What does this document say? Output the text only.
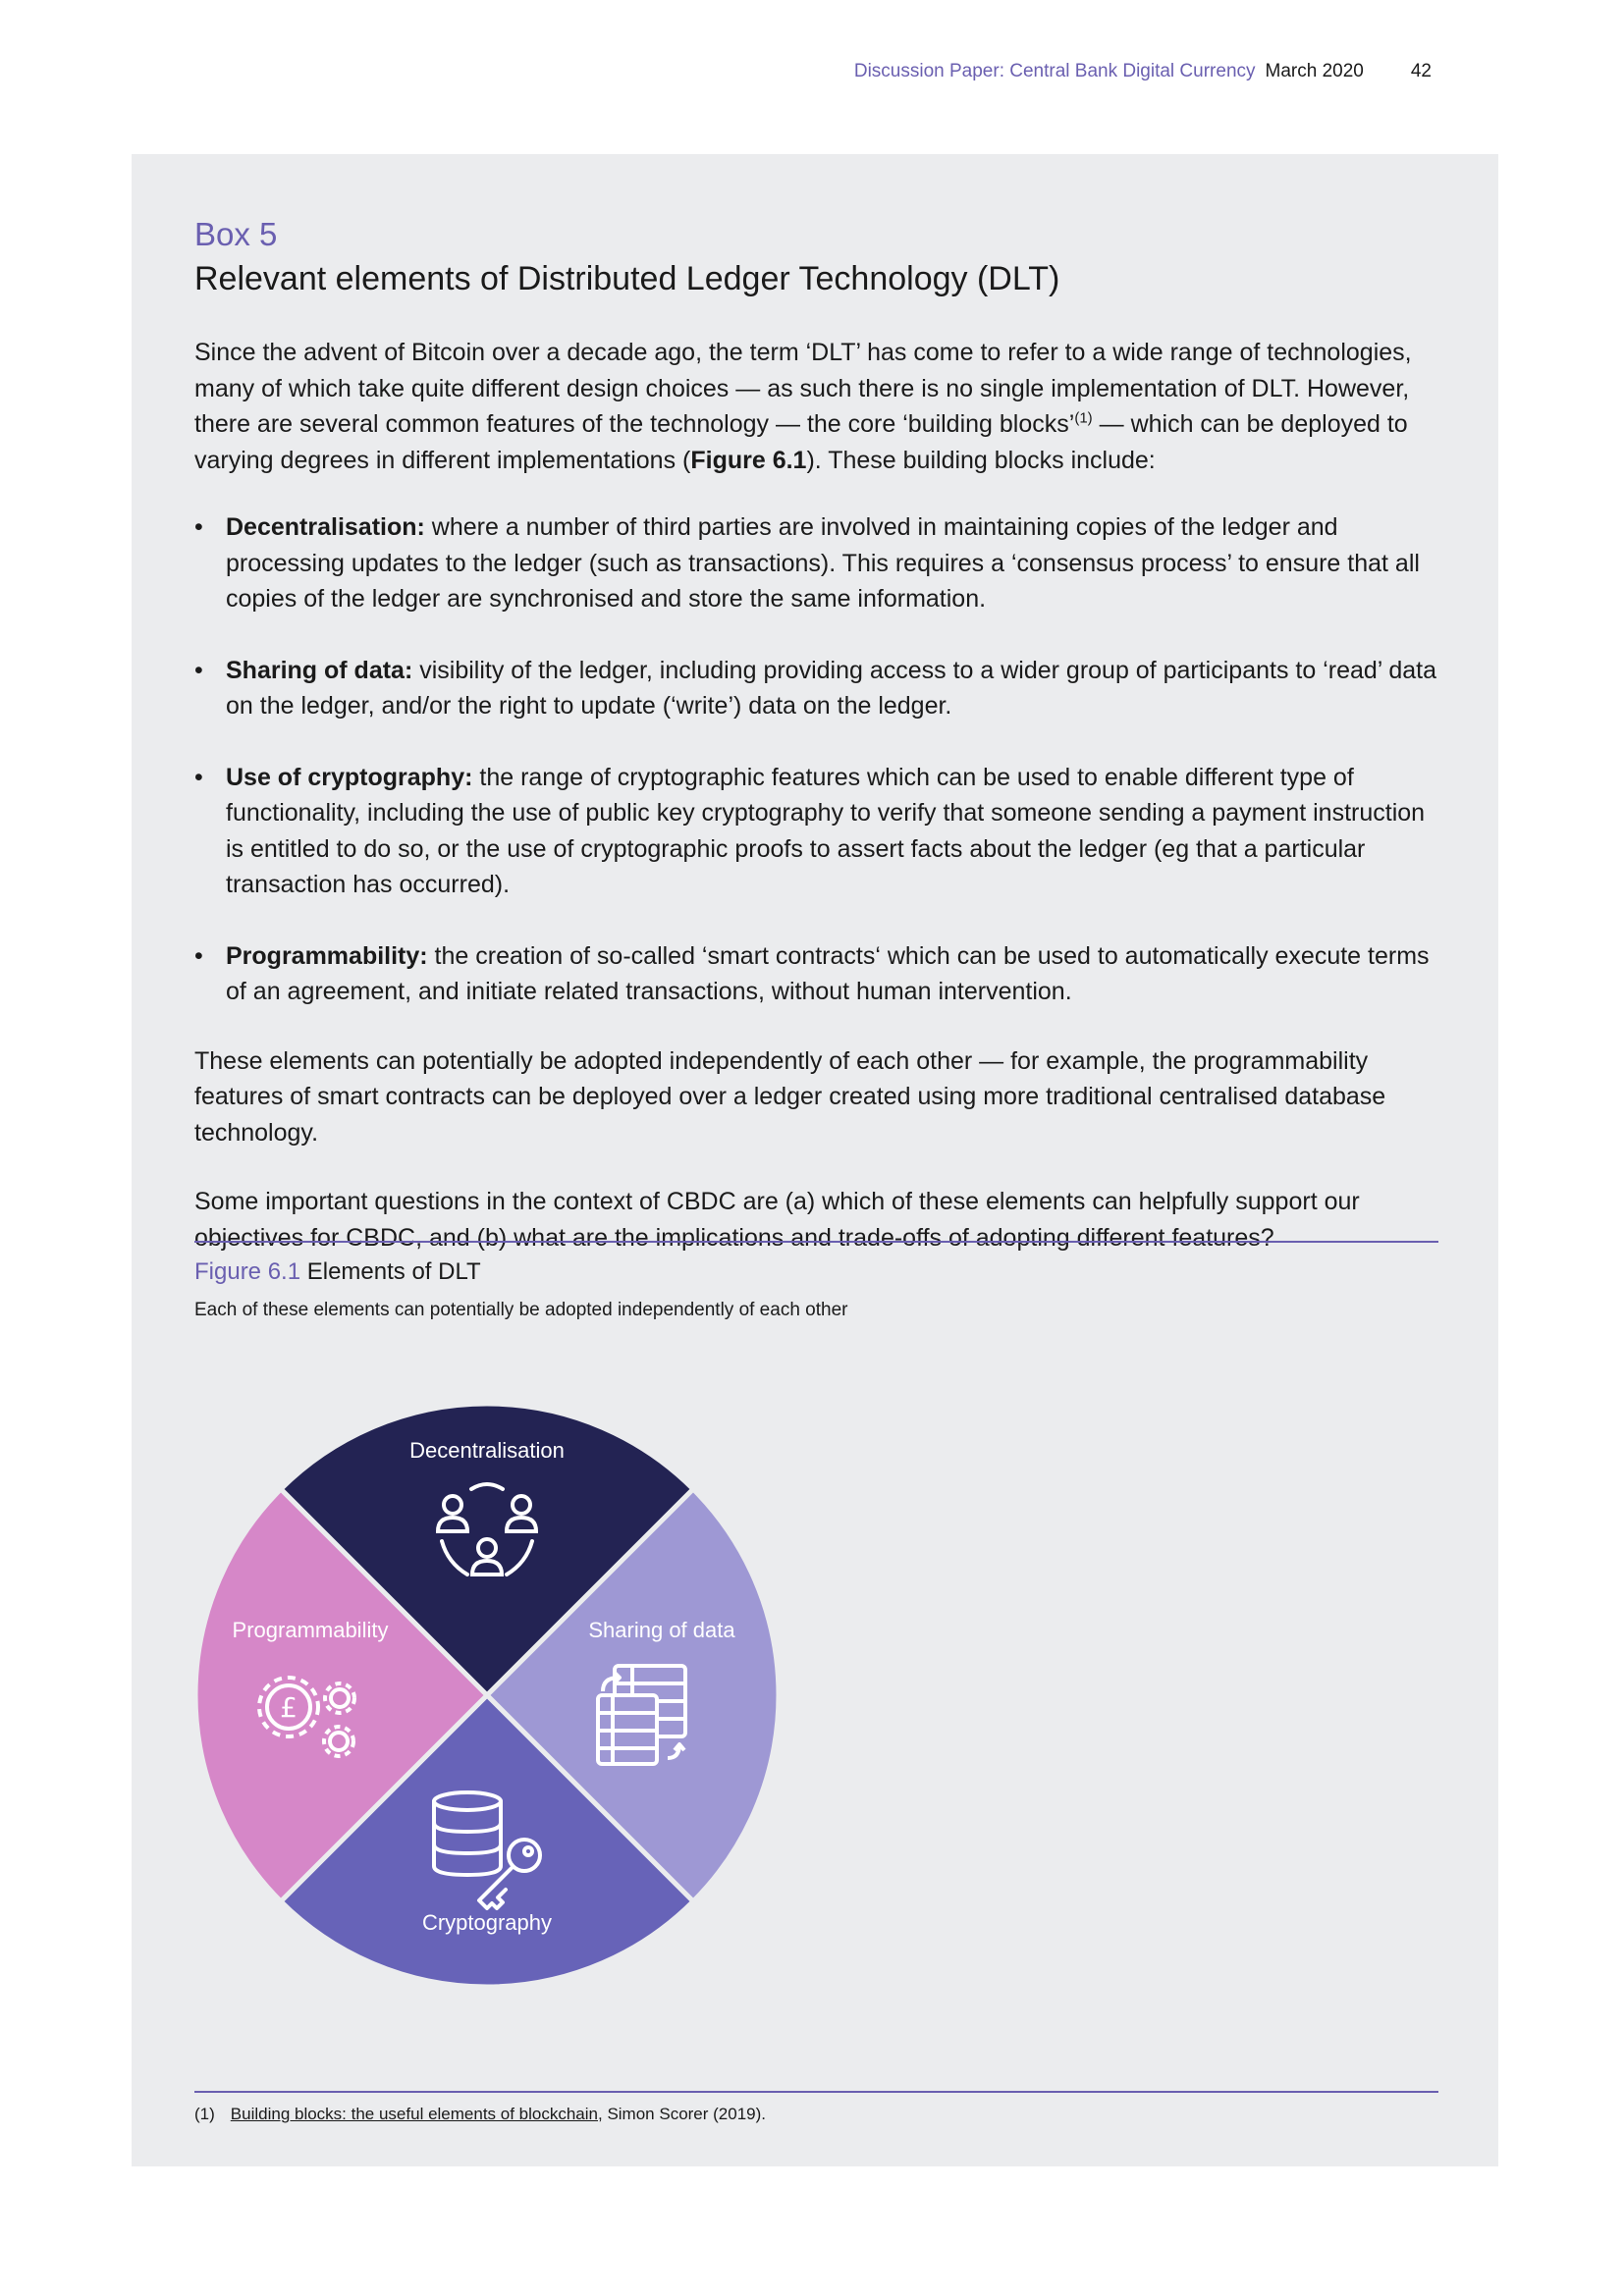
Discussion Paper: Central Bank Digital Currency March 2020	42

Box 5

Relevant elements of Distributed Ledger Technology (DLT)

Since the advent of Bitcoin over a decade ago, the term ‘DLT’ has come to refer to a wide range of technologies, many of which take quite different design choices — as such there is no single implementation of DLT. However, there are several common features of the technology — the core ‘building blocks’$^{(1)}$ — which can be deployed to varying degrees in different implementations (Figure 6.1). These building blocks include:

• Decentralisation: where a number of third parties are involved in maintaining copies of the ledger and processing updates to the ledger (such as transactions). This requires a ‘consensus process’ to ensure that all copies of the ledger are synchronised and store the same information.
• Sharing of data: visibility of the ledger, including providing access to a wider group of participants to ‘read’ data on the ledger, and/or the right to update (‘write’) data on the ledger.
• Use of cryptography: the range of cryptographic features which can be used to enable different type of functionality, including the use of public key cryptography to verify that someone sending a payment instruction is entitled to do so, or the use of cryptographic proofs to assert facts about the ledger (eg that a particular transaction has occurred).
• Programmability: the creation of so-called ‘smart contracts‘ which can be used to automatically execute terms of an agreement, and initiate related transactions, without human intervention.

These elements can potentially be adopted independently of each other — for example, the programmability features of smart contracts can be deployed over a ledger created using more traditional centralised database technology.

Some important questions in the context of CBDC are (a) which of these elements can helpfully support our objectives for CBDC, and (b) what are the implications and trade-offs of adopting different features?

Figure 6.1 Elements of DLT

Each of these elements can potentially be adopted independently of each other

Decentralisation
Sharing of data
Cryptography
Programmability
£
(1) Building blocks: the useful elements of blockchain, Simon Scorer (2019).
